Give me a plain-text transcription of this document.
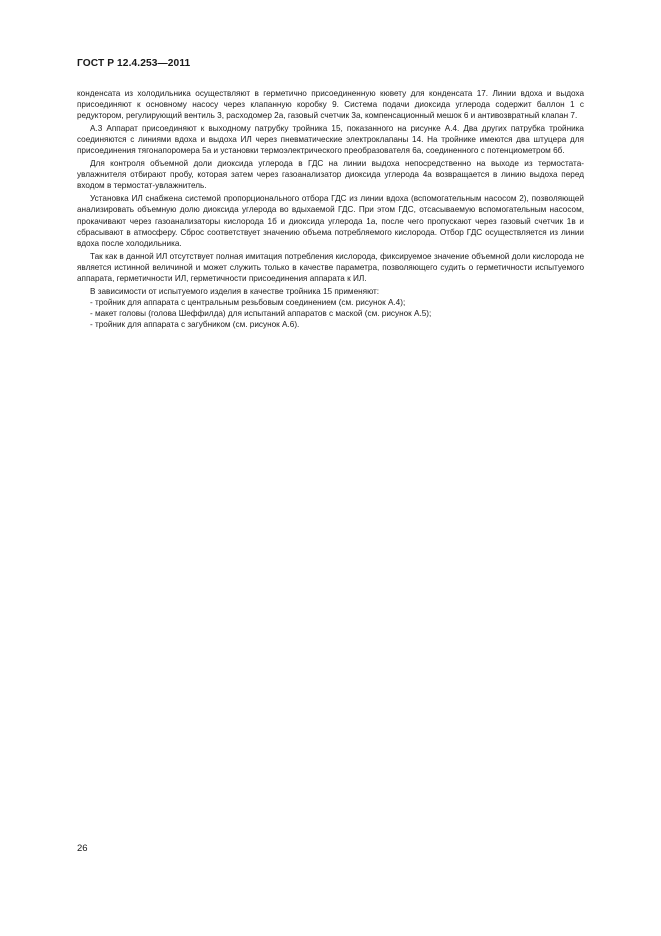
ГОСТ Р 12.4.253—2011

конденсата из холодильника осуществляют в герметично присоединенную кювету для конденсата 17. Линии вдоха и выдоха присоединяют к основному насосу через клапанную коробку 9. Система подачи диоксида углерода содержит баллон 1 с редуктором, регулирующий вентиль 3, расходомер 2а, газовый счетчик 3а, компенсационный мешок 6 и антивозвратный клапан 7.

А.3 Аппарат присоединяют к выходному патрубку тройника 15, показанного на рисунке А.4. Два других патрубка тройника соединяются с линиями вдоха и выдоха ИЛ через пневматические электроклапаны 14. На тройнике имеются два штуцера для присоединения тягонапоромера 5а и установки термоэлектрического преобразователя 6а, соединенного с потенциометром 6б.

Для контроля объемной доли диоксида углерода в ГДС на линии выдоха непосредственно на выходе из термостата-увлажнителя отбирают пробу, которая затем через газоанализатор диоксида углерода 4а возвращается в линию выдоха перед входом в термостат-увлажнитель.

Установка ИЛ снабжена системой пропорционального отбора ГДС из линии вдоха (вспомогательным насосом 2), позволяющей анализировать объемную долю диоксида углерода во вдыхаемой ГДС. При этом ГДС, отсасываемую вспомогательным насосом, прокачивают через газоанализаторы кислорода 1б и диоксида углерода 1а, после чего пропускают через газовый счетчик 1в и сбрасывают в атмосферу. Сброс соответствует значению объема потребляемого кислорода. Отбор ГДС осуществляется из линии вдоха после холодильника.

Так как в данной ИЛ отсутствует полная имитация потребления кислорода, фиксируемое значение объемной доли кислорода не является истинной величиной и может служить только в качестве параметра, позволяющего судить о герметичности испытуемого аппарата, герметичности ИЛ, герметичности присоединения аппарата к ИЛ.

В зависимости от испытуемого изделия в качестве тройника 15 применяют:

- тройник для аппарата с центральным резьбовым соединением (см. рисунок А.4);
- макет головы (голова Шеффилда) для испытаний аппаратов с маской (см. рисунок А.5);
- тройник для аппарата с загубником (см. рисунок А.6).
26
